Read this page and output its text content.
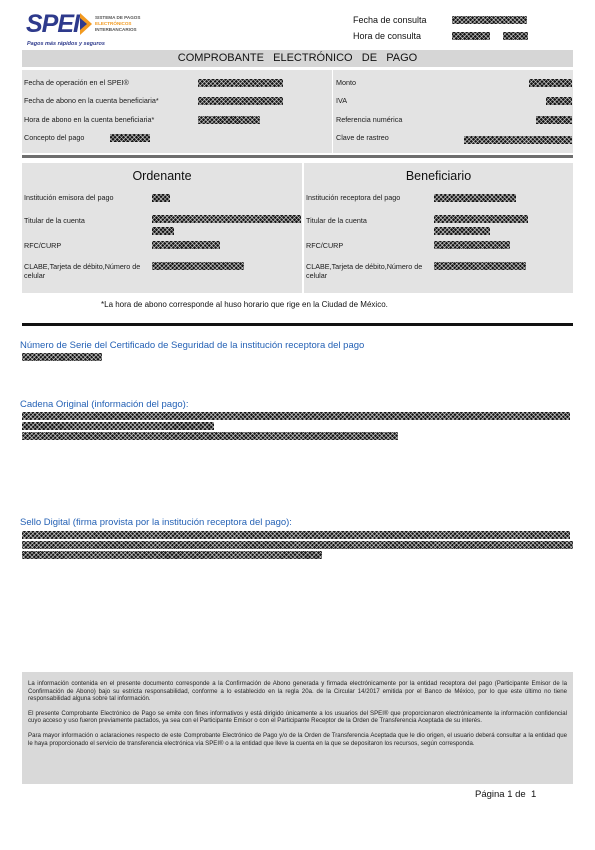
SPEI	SISTEMA DE PAGOS
ELECTRÓNICOS
INTERBANCARIOS
Pagos más rápidos y seguros
Fecha de consulta
Hora de consulta
COMPROBANTE   ELECTRÓNICO   DE   PAGO
Fecha de operación en el SPEI®
Fecha de abono en la cuenta beneficiaria*
Hora de abono en la cuenta beneficiaria*
Concepto del pago
Monto
IVA
Referencia numérica
Clave de rastreo
Ordenante
Institución emisora del pago
Titular de la cuenta
RFC/CURP
CLABE,Tarjeta de débito,Número de celular
Beneficiario
Institución receptora del pago
Titular de la cuenta
RFC/CURP
CLABE,Tarjeta de débito,Número de celular
*La hora de abono corresponde al huso horario que rige en la Ciudad de México.
Número de Serie del Certificado de Seguridad de la institución receptora del pago
Cadena Original (información del pago):
Sello Digital (firma provista por la institución receptora del pago):

La información contenida en el presente documento corresponde a la Confirmación de Abono generada y firmada electrónicamente por la entidad receptora del pago (Participante Emisor de la Confirmación de Abono) bajo su estricta responsabilidad, conforme a lo establecido en la regla 20a. de la Circular 14/2017 emitida por el Banco de México, por lo que este último no tiene responsabilidad alguna sobre tal información.

El presente Comprobante Electrónico de Pago se emite con fines informativos y está dirigido únicamente a los usuarios del SPEI® que proporcionaron electrónicamente la información confidencial cuyo acceso y uso fueron previamente pactados, ya sea con el Participante Emisor o con el Participante Receptor de la Orden de Transferencia Aceptada de su interés.

Para mayor información o aclaraciones respecto de este Comprobante Electrónico de Pago y/o de la Orden de Transferencia Aceptada que le dio origen, el usuario deberá consultar a la entidad que le haya proporcionado el servicio de transferencia electrónica vía SPEI® o a la entidad que lleve la cuenta en la que se depositaron los recursos, según corresponda.

Página 1 de  1
